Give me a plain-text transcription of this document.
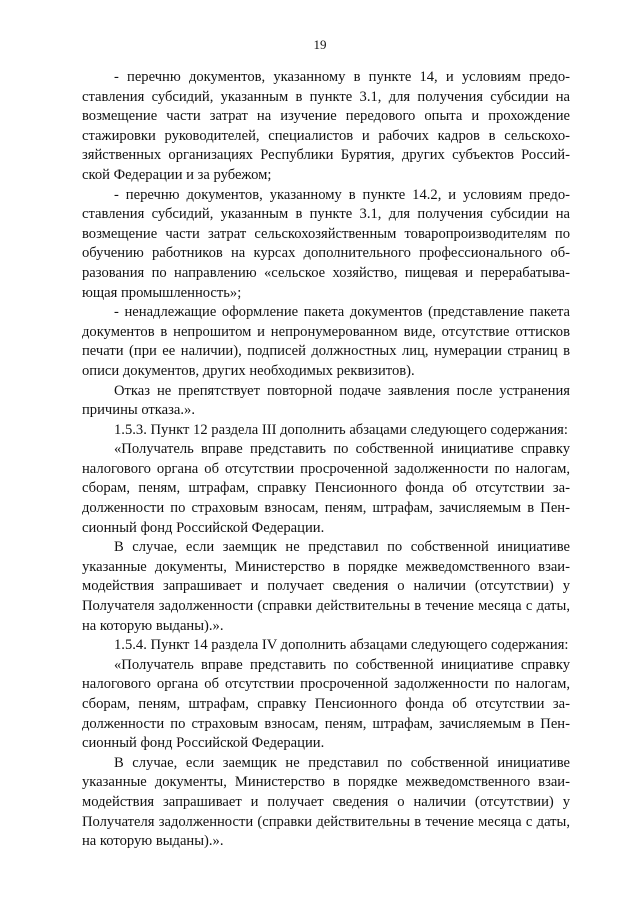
19

- перечню документов, указанному в пункте 14, и условиям предоставления субсидий, указанным в пункте 3.1, для получения субсидии на возмещение части затрат на изучение передового опыта и прохождение стажировки руководителей, специалистов и рабочих кадров в сельскохозяйственных организациях Республики Бурятия, других субъектов Российской Федерации и за рубежом;

- перечню документов, указанному в пункте 14.2, и условиям предоставления субсидий, указанным в пункте 3.1, для получения субсидии на возмещение части затрат сельскохозяйственным товаропроизводителям по обучению работников на курсах дополнительного профессионального образования по направлению «сельское хозяйство, пищевая и перерабатывающая промышленность»;

- ненадлежащие оформление пакета документов (представление пакета документов в непрошитом и непронумерованном виде, отсутствие оттисков печати (при ее наличии), подписей должностных лиц, нумерации страниц в описи документов, других необходимых реквизитов).

Отказ не препятствует повторной подаче заявления после устранения причины отказа.».

1.5.3. Пункт 12 раздела III дополнить абзацами следующего содержания:

«Получатель вправе представить по собственной инициативе справку налогового органа об отсутствии просроченной задолженности по налогам, сборам, пеням, штрафам, справку Пенсионного фонда об отсутствии задолженности по страховым взносам, пеням, штрафам, зачисляемым в Пенсионный фонд Российской Федерации.

В случае, если заемщик не представил по собственной инициативе указанные документы, Министерство в порядке межведомственного взаимодействия запрашивает и получает сведения о наличии (отсутствии) у Получателя задолженности (справки действительны в течение месяца с даты, на которую выданы).».

1.5.4. Пункт 14 раздела IV дополнить абзацами следующего содержания:

«Получатель вправе представить по собственной инициативе справку налогового органа об отсутствии просроченной задолженности по налогам, сборам, пеням, штрафам, справку Пенсионного фонда об отсутствии задолженности по страховым взносам, пеням, штрафам, зачисляемым в Пенсионный фонд Российской Федерации.

В случае, если заемщик не представил по собственной инициативе указанные документы, Министерство в порядке межведомственного взаимодействия запрашивает и получает сведения о наличии (отсутствии) у Получателя задолженности (справки действительны в течение месяца с даты, на которую выданы).».
